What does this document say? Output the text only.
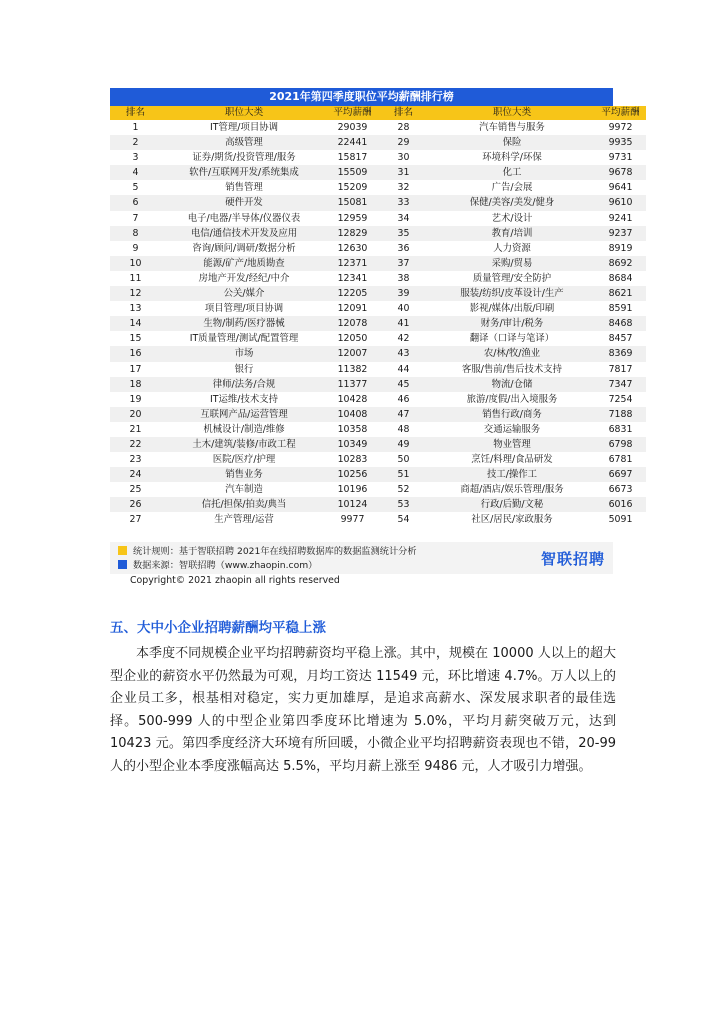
2021年第四季度职位平均薪酬排行榜
排名	职位大类	平均薪酬	排名	职位大类	平均薪酬
1	IT管理/项目协调	29039	28	汽车销售与服务	9972
2	高级管理	22441	29	保险	9935
3	证券/期货/投资管理/服务	15817	30	环境科学/环保	9731
4	软件/互联网开发/系统集成	15509	31	化工	9678
5	销售管理	15209	32	广告/会展	9641
6	硬件开发	15081	33	保健/美容/美发/健身	9610
7	电子/电器/半导体/仪器仪表	12959	34	艺术/设计	9241
8	电信/通信技术开发及应用	12829	35	教育/培训	9237
9	咨询/顾问/调研/数据分析	12630	36	人力资源	8919
10	能源/矿产/地质勘查	12371	37	采购/贸易	8692
11	房地产开发/经纪/中介	12341	38	质量管理/安全防护	8684
12	公关/媒介	12205	39	服装/纺织/皮革设计/生产	8621
13	项目管理/项目协调	12091	40	影视/媒体/出版/印刷	8591
14	生物/制药/医疗器械	12078	41	财务/审计/税务	8468
15	IT质量管理/测试/配置管理	12050	42	翻译（口译与笔译）	8457
16	市场	12007	43	农/林/牧/渔业	8369
17	银行	11382	44	客服/售前/售后技术支持	7817
18	律师/法务/合规	11377	45	物流/仓储	7347
19	IT运维/技术支持	10428	46	旅游/度假/出入境服务	7254
20	互联网产品/运营管理	10408	47	销售行政/商务	7188
21	机械设计/制造/维修	10358	48	交通运输服务	6831
22	土木/建筑/装修/市政工程	10349	49	物业管理	6798
23	医院/医疗/护理	10283	50	烹饪/料理/食品研发	6781
24	销售业务	10256	51	技工/操作工	6697
25	汽车制造	10196	52	商超/酒店/娱乐管理/服务	6673
26	信托/担保/拍卖/典当	10124	53	行政/后勤/文秘	6016
27	生产管理/运营	9977	54	社区/居民/家政服务	5091
统计规则：基于智联招聘 2021年在线招聘数据库的数据监测统计分析
数据来源：智联招聘（www.zhaopin.com）	智联招聘
Copyright© 2021 zhaopin all rights reserved
五、大中小企业招聘薪酬均平稳上涨

本季度不同规模企业平均招聘薪资均平稳上涨。其中，规模在 10000 人以上的超大型企业的薪资水平仍然最为可观，月均工资达 11549 元，环比增速 4.7%。万人以上的企业员工多，根基相对稳定，实力更加雄厚，是追求高薪水、深发展求职者的最佳选择。500-999 人的中型企业第四季度环比增速为 5.0%，平均月薪突破万元，达到 10423 元。第四季度经济大环境有所回暖，小微企业平均招聘薪资表现也不错，20-99 人的小型企业本季度涨幅高达 5.5%，平均月薪上涨至 9486 元，人才吸引力增强。
